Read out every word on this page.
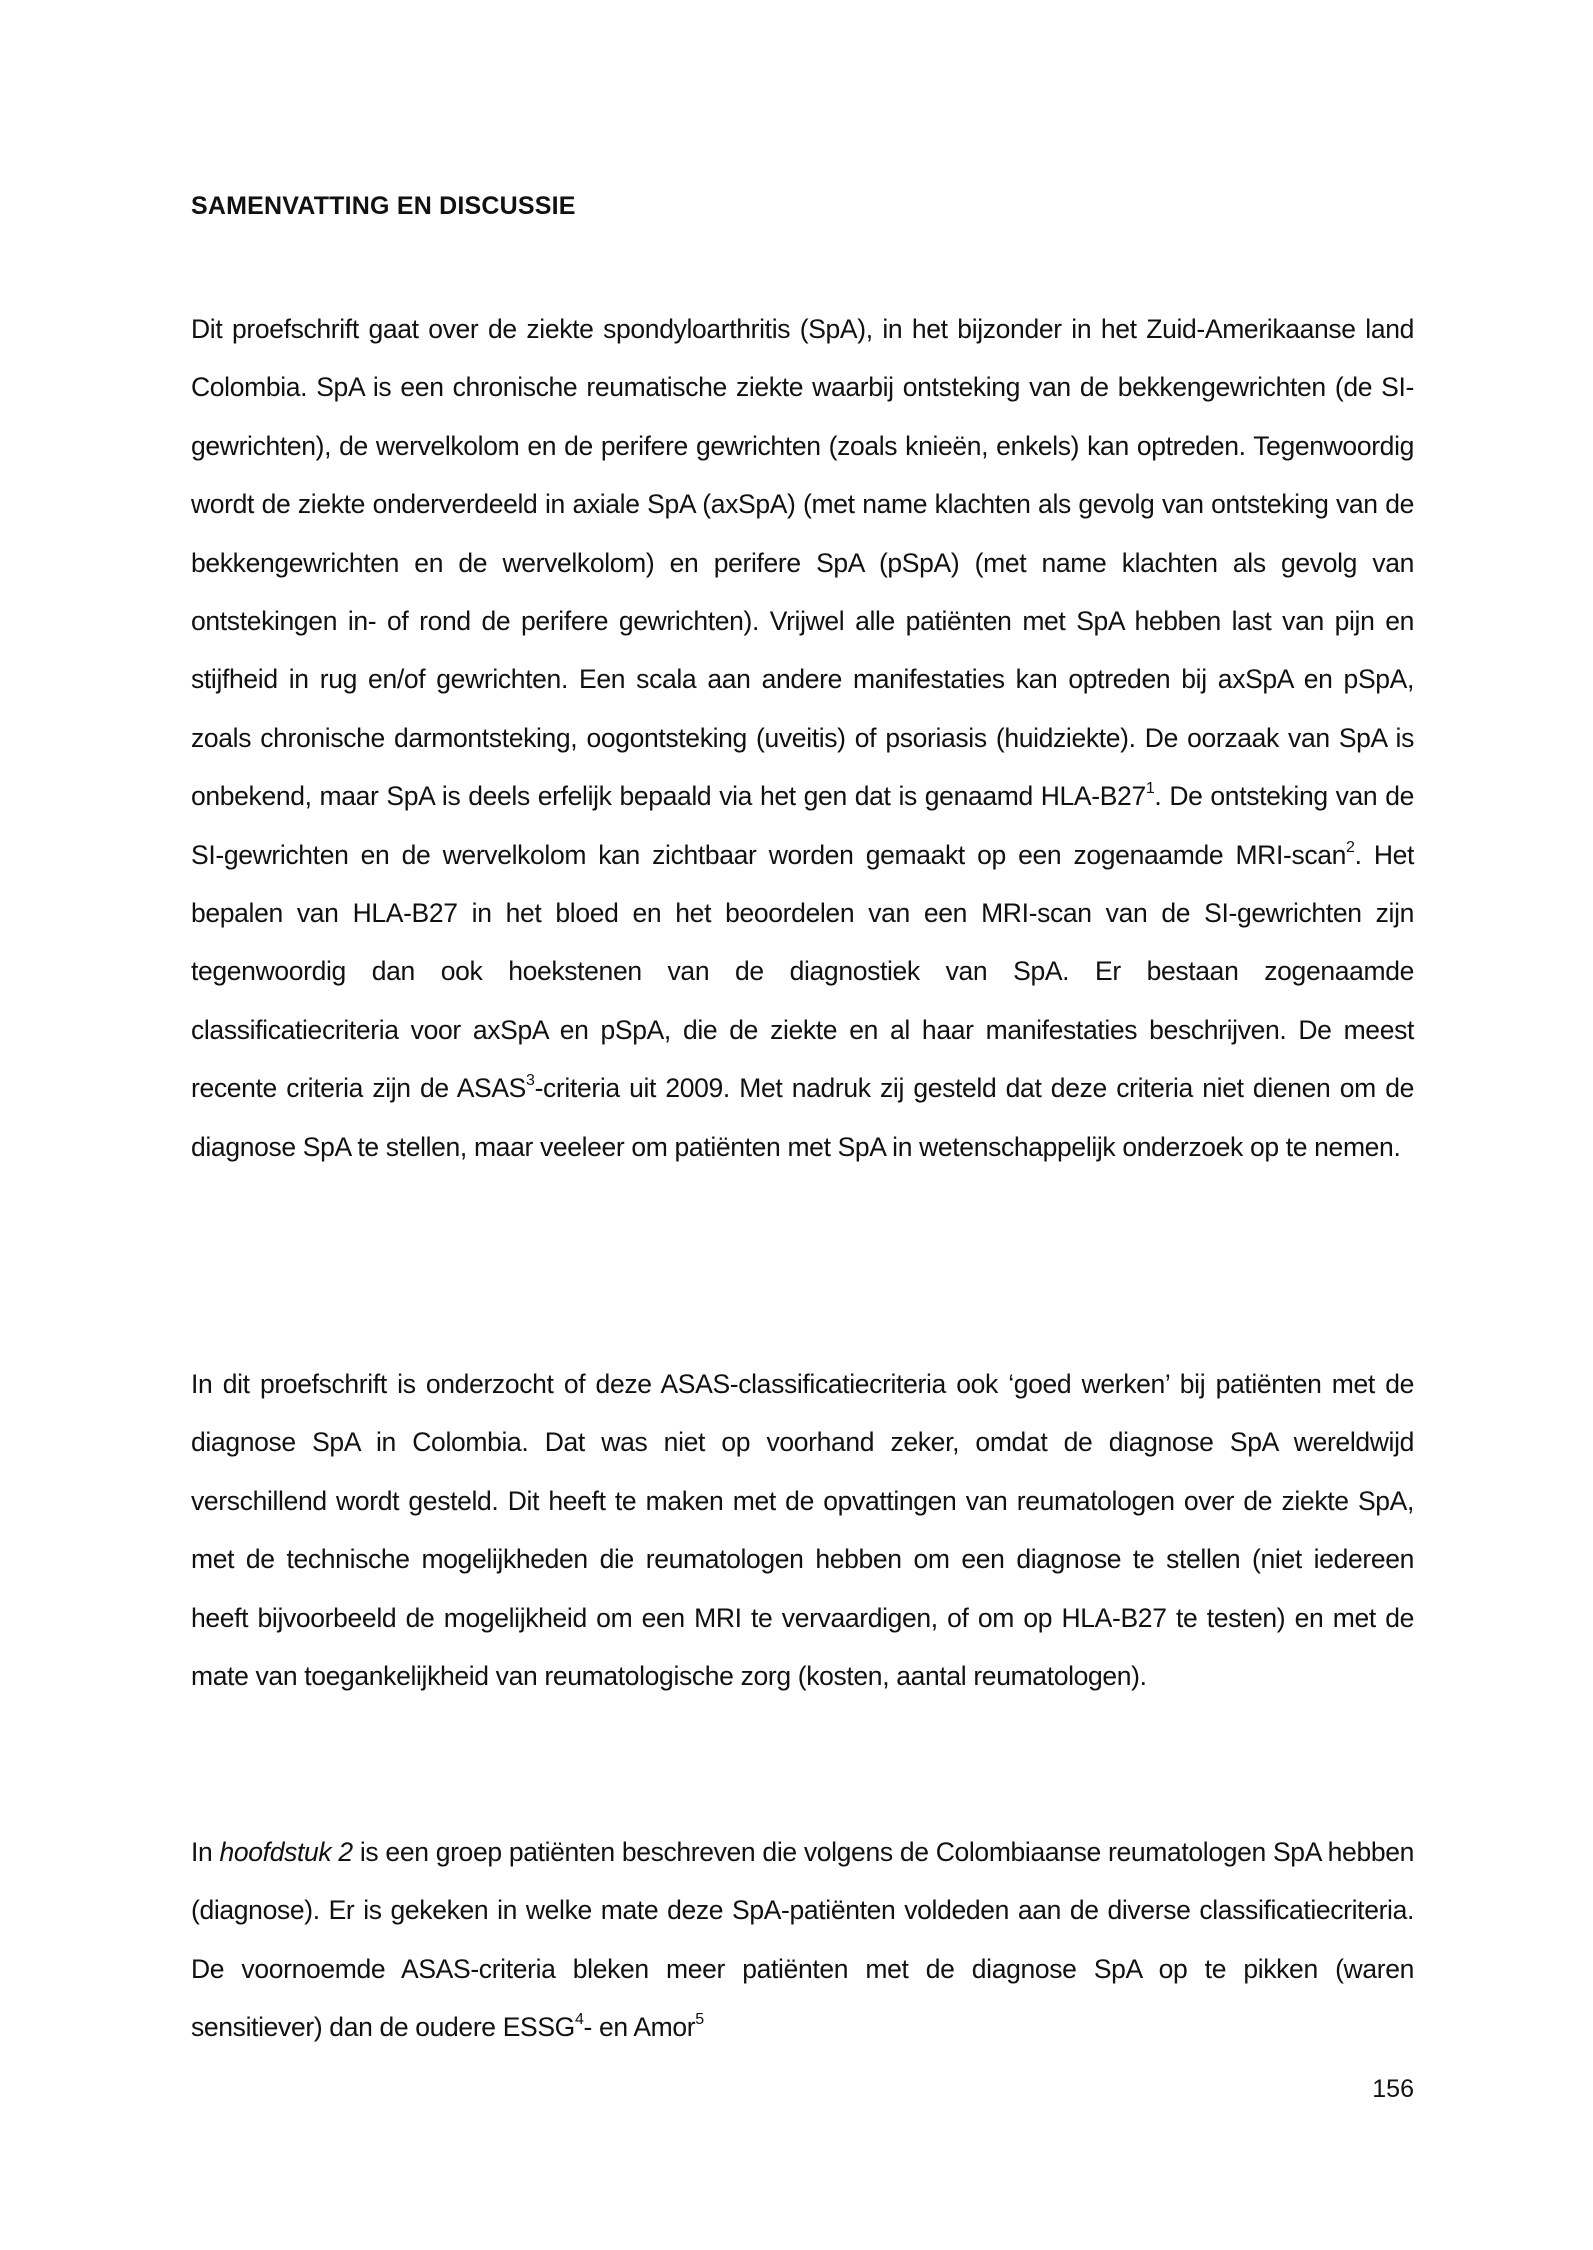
SAMENVATTING EN DISCUSSIE

Dit proefschrift gaat over de ziekte spondyloarthritis (SpA), in het bijzonder in het Zuid-Amerikaanse land Colombia. SpA is een chronische reumatische ziekte waarbij ontsteking van de bekkengewrichten (de SI-gewrichten), de wervelkolom en de perifere gewrichten (zoals knieën, enkels) kan optreden. Tegenwoordig wordt de ziekte onderverdeeld in axiale SpA (axSpA) (met name klachten als gevolg van ontsteking van de bekkengewrichten en de wervelkolom) en perifere SpA (pSpA) (met name klachten als gevolg van ontstekingen in- of rond de perifere gewrichten). Vrijwel alle patiënten met SpA hebben last van pijn en stijfheid in rug en/of gewrichten. Een scala aan andere manifestaties kan optreden bij axSpA en pSpA, zoals chronische darmontsteking, oogontsteking (uveitis) of psoriasis (huidziekte). De oorzaak van SpA is onbekend, maar SpA is deels erfelijk bepaald via het gen dat is genaamd HLA-$B27^1$. De ontsteking van de SI-gewrichten en de wervelkolom kan zichtbaar worden gemaakt op een zogenaamde MRI-scan$^2$. Het bepalen van HLA-B27 in het bloed en het beoordelen van een MRI-scan van de SI-gewrichten zijn tegenwoordig dan ook hoekstenen van de diagnostiek van SpA. Er bestaan zogenaamde classificatiecriteria voor axSpA en pSpA, die de ziekte en al haar manifestaties beschrijven. De meest recente criteria zijn de ASAS$^3$-criteria uit 2009. Met nadruk zij gesteld dat deze criteria niet dienen om de diagnose SpA te stellen, maar veeleer om patiënten met SpA in wetenschappelijk onderzoek op te nemen.

In dit proefschrift is onderzocht of deze ASAS-classificatiecriteria ook ‘goed werken’ bij patiënten met de diagnose SpA in Colombia. Dat was niet op voorhand zeker, omdat de diagnose SpA wereldwijd verschillend wordt gesteld. Dit heeft te maken met de opvattingen van reumatologen over de ziekte SpA, met de technische mogelijkheden die reumatologen hebben om een diagnose te stellen (niet iedereen heeft bijvoorbeeld de mogelijkheid om een MRI te vervaardigen, of om op HLA-B27 te testen) en met de mate van toegankelijkheid van reumatologische zorg (kosten, aantal reumatologen).

In hoofdstuk 2 is een groep patiënten beschreven die volgens de Colombiaanse reumatologen SpA hebben (diagnose). Er is gekeken in welke mate deze SpA-patiënten voldeden aan de diverse classificatiecriteria. De voornoemde ASAS-criteria bleken meer patiënten met de diagnose SpA op te pikken (waren sensitiever) dan de oudere ESSG$^4$- en Amor$^5$

156
